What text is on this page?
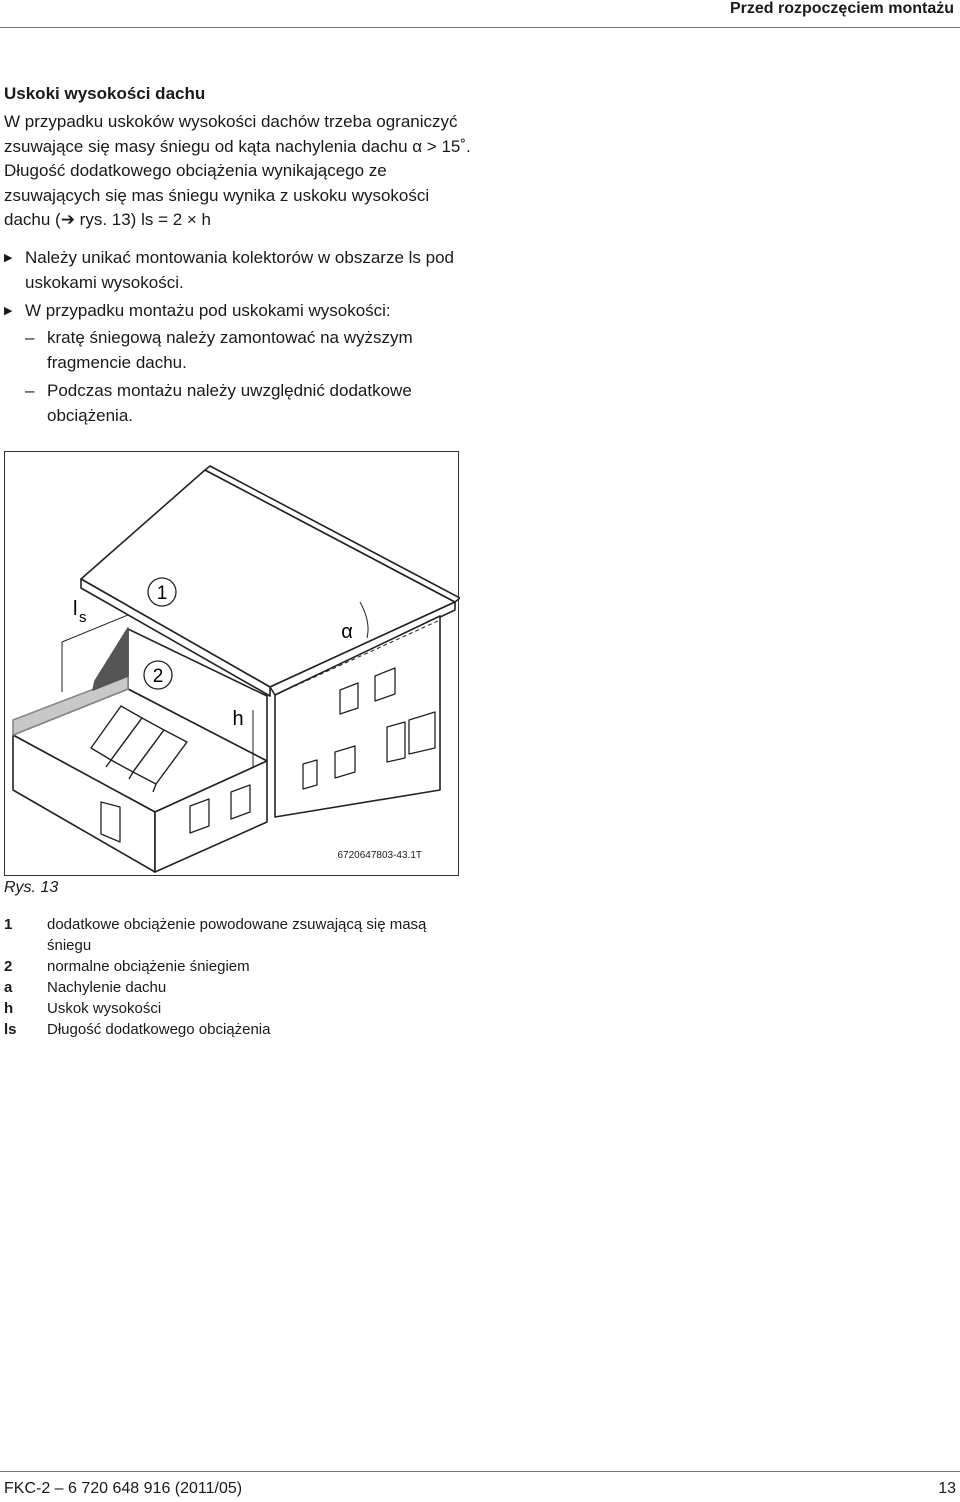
Przed rozpoczęciem montażu
Uskoki wysokości dachu
W przypadku uskoków wysokości dachów trzeba ograniczyć zsuwające się masy śniegu od kąta nachylenia dachu α > 15˚. Długość dodatkowego obciążenia wynikającego ze zsuwających się mas śniegu wynika z uskoku wysokości dachu (➔ rys. 13) ls = 2 × h
▶ Należy unikać montowania kolektorów w obszarze ls pod uskokami wysokości.
▶ W przypadku montażu pod uskokami wysokości:
– kratę śniegową należy zamontować na wyższym fragmencie dachu.
– Podczas montażu należy uwzględnić dodatkowe obciążenia.
1
2
α
h
l s
6720647803-43.1T
Rys. 13
1	dodatkowe obciążenie powodowane zsuwającą się masą śniegu
2	normalne obciążenie śniegiem
a	Nachylenie dachu
h	Uskok wysokości
ls	Długość dodatkowego obciążenia
FKC-2 – 6 720 648 916 (2011/05)	13
